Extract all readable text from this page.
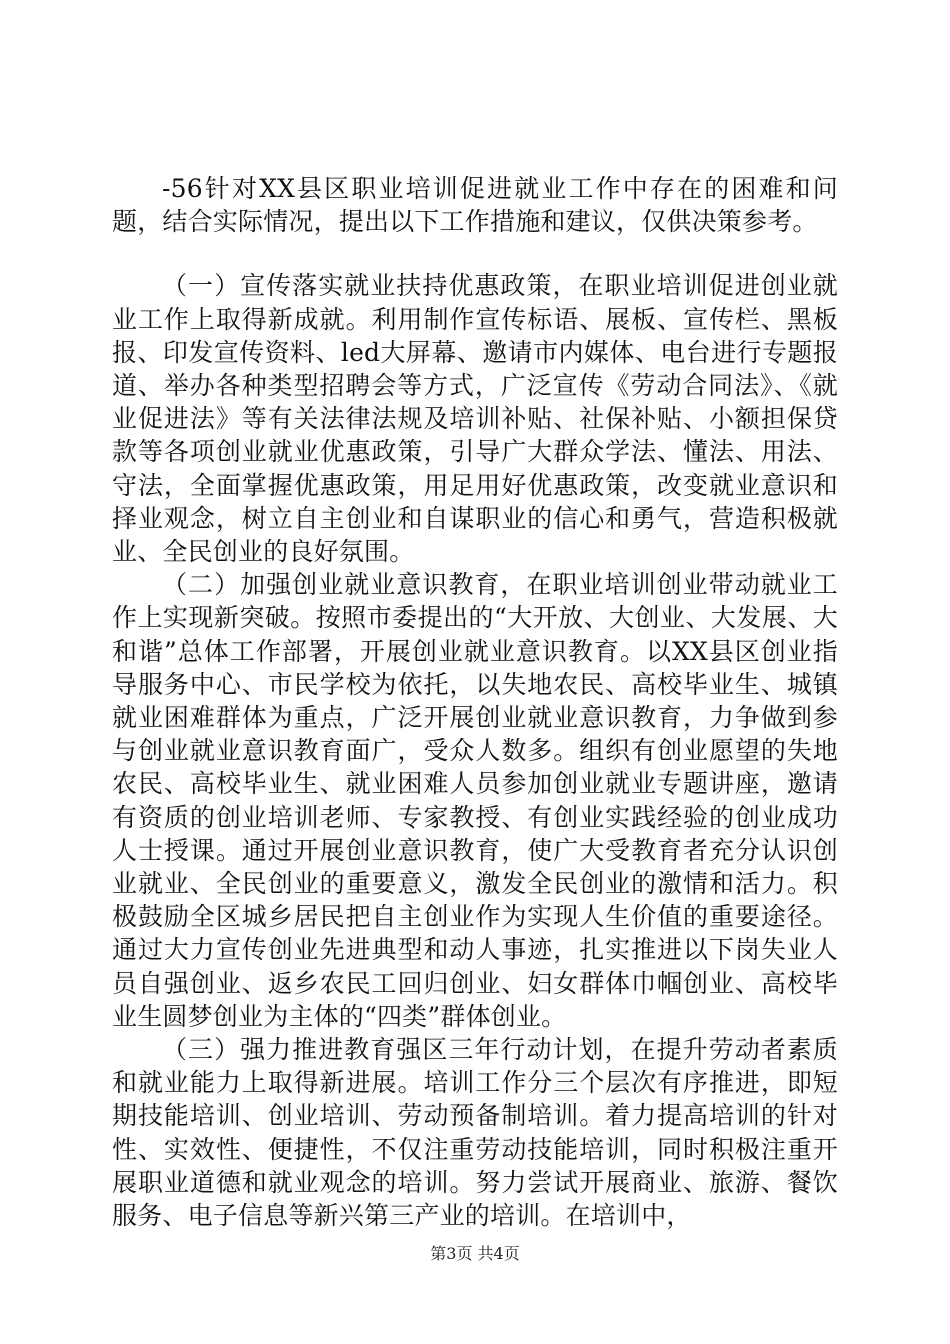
-56针对XX县区职业培训促进就业工作中存在的困难和问题，结合实际情况，提出以下工作措施和建议，仅供决策参考。

（一）宣传落实就业扶持优惠政策，在职业培训促进创业就业工作上取得新成就。利用制作宣传标语、展板、宣传栏、黑板报、印发宣传资料、led大屏幕、邀请市内媒体、电台进行专题报道、举办各种类型招聘会等方式，广泛宣传《劳动合同法》、《就业促进法》等有关法律法规及培训补贴、社保补贴、小额担保贷款等各项创业就业优惠政策，引导广大群众学法、懂法、用法、守法，全面掌握优惠政策，用足用好优惠政策，改变就业意识和择业观念，树立自主创业和自谋职业的信心和勇气，营造积极就业、全民创业的良好氛围。

（二）加强创业就业意识教育，在职业培训创业带动就业工作上实现新突破。按照市委提出的“大开放、大创业、大发展、大和谐”总体工作部署，开展创业就业意识教育。以XX县区创业指导服务中心、市民学校为依托，以失地农民、高校毕业生、城镇就业困难群体为重点，广泛开展创业就业意识教育，力争做到参与创业就业意识教育面广，受众人数多。组织有创业愿望的失地农民、高校毕业生、就业困难人员参加创业就业专题讲座，邀请有资质的创业培训老师、专家教授、有创业实践经验的创业成功人士授课。通过开展创业意识教育，使广大受教育者充分认识创业就业、全民创业的重要意义，激发全民创业的激情和活力。积极鼓励全区城乡居民把自主创业作为实现人生价值的重要途径。通过大力宣传创业先进典型和动人事迹，扎实推进以下岗失业人员自强创业、返乡农民工回归创业、妇女群体巾帼创业、高校毕业生圆梦创业为主体的“四类”群体创业。

（三）强力推进教育强区三年行动计划，在提升劳动者素质和就业能力上取得新进展。培训工作分三个层次有序推进，即短期技能培训、创业培训、劳动预备制培训。着力提高培训的针对性、实效性、便捷性，不仅注重劳动技能培训，同时积极注重开展职业道德和就业观念的培训。努力尝试开展商业、旅游、餐饮服务、电子信息等新兴第三产业的培训。在培训中，

第3页 共4页
